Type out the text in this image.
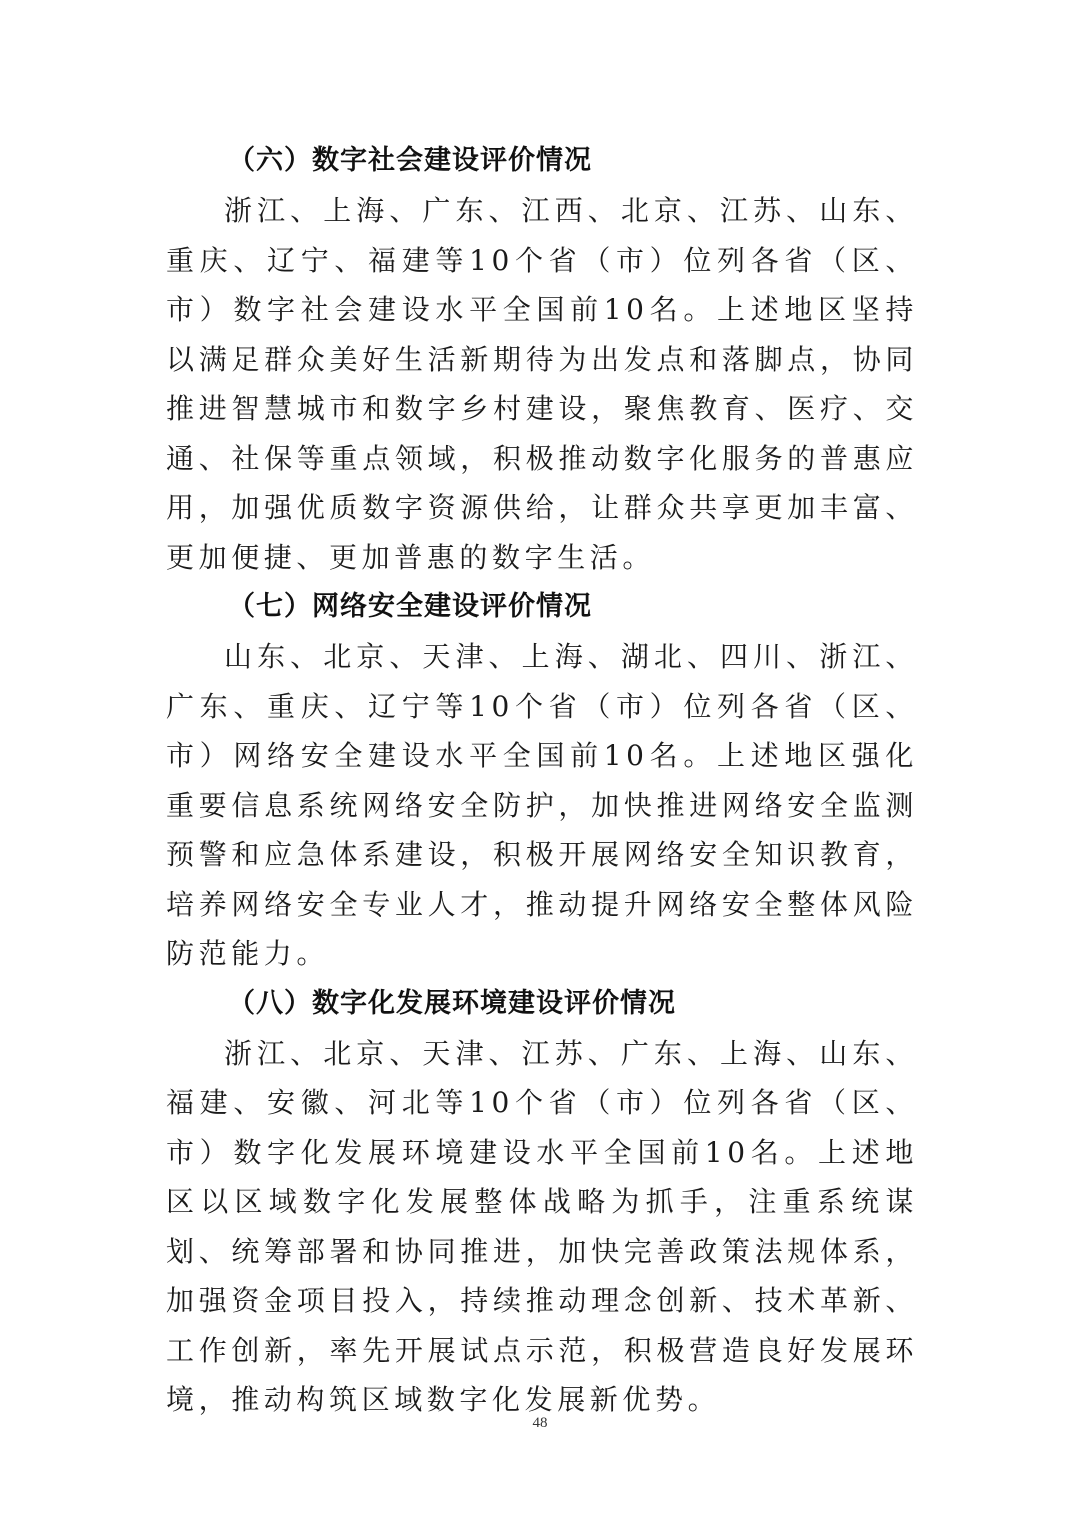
（六）数字社会建设评价情况

浙江、上海、广东、江西、北京、江苏、山东、重庆、辽宁、福建等10个省（市）位列各省（区、市）数字社会建设水平全国前10名。上述地区坚持以满足群众美好生活新期待为出发点和落脚点，协同推进智慧城市和数字乡村建设，聚焦教育、医疗、交通、社保等重点领域，积极推动数字化服务的普惠应用，加强优质数字资源供给，让群众共享更加丰富、更加便捷、更加普惠的数字生活。

（七）网络安全建设评价情况

山东、北京、天津、上海、湖北、四川、浙江、广东、重庆、辽宁等10个省（市）位列各省（区、市）网络安全建设水平全国前10名。上述地区强化重要信息系统网络安全防护，加快推进网络安全监测预警和应急体系建设，积极开展网络安全知识教育，培养网络安全专业人才，推动提升网络安全整体风险防范能力。

（八）数字化发展环境建设评价情况

浙江、北京、天津、江苏、广东、上海、山东、福建、安徽、河北等10个省（市）位列各省（区、市）数字化发展环境建设水平全国前10名。上述地区以区域数字化发展整体战略为抓手，注重系统谋划、统筹部署和协同推进，加快完善政策法规体系，加强资金项目投入，持续推动理念创新、技术革新、工作创新，率先开展试点示范，积极营造良好发展环境，推动构筑区域数字化发展新优势。

48
